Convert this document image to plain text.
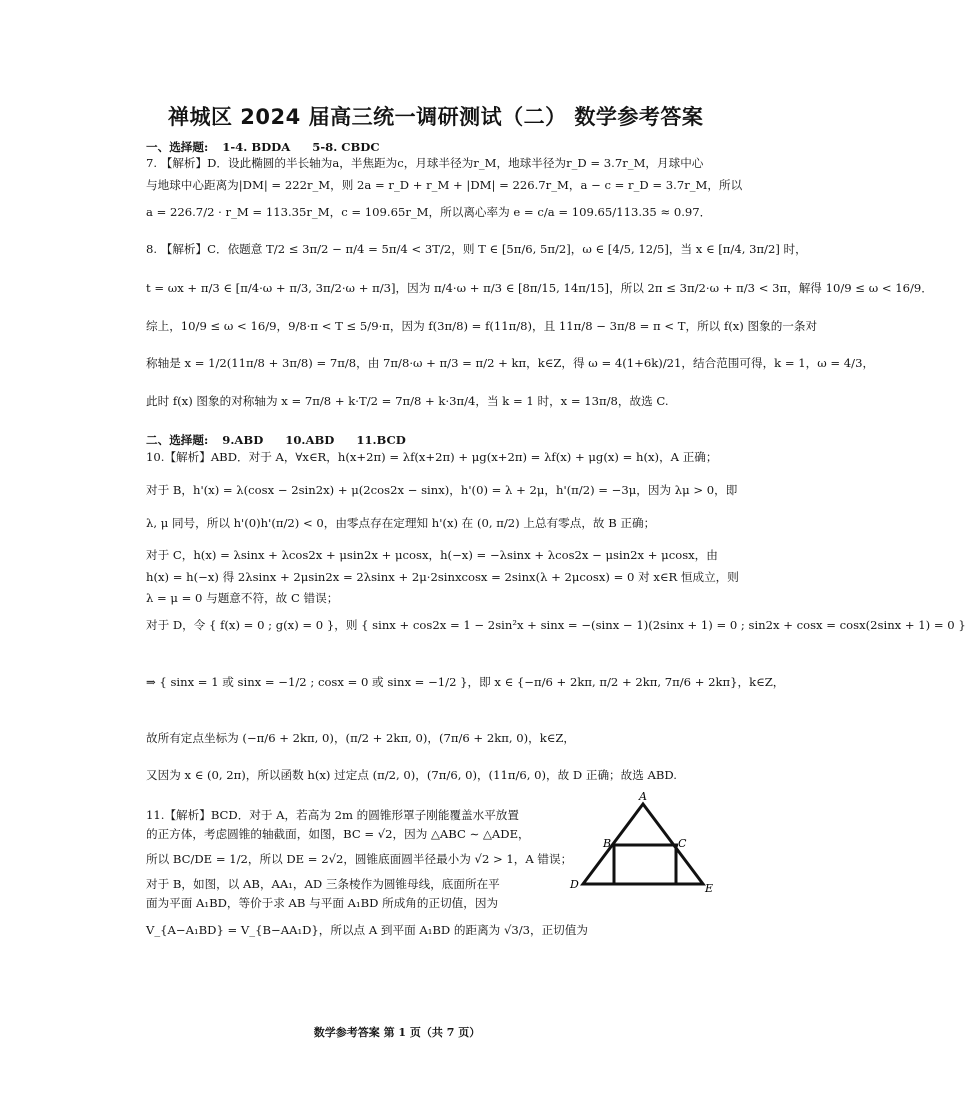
禅城区 2024 届高三统一调研测试（二） 数学参考答案
一、选择题: 1-4. BDDA 5-8. CBDC
7. 【解析】D．设此椭圆的半长轴为a，半焦距为c，月球半径为r_M，地球半径为r_D = 3.7r_M，月球中心
与地球中心距离为|DM| = 222r_M，则 2a = r_D + r_M + |DM| = 226.7r_M，a − c = r_D = 3.7r_M，所以
a = 226.7/2 · r_M = 113.35r_M，c = 109.65r_M，所以离心率为 e = c/a = 109.65/113.35 ≈ 0.97．
8. 【解析】C．依题意 T/2 ≤ 3π/2 − π/4 = 5π/4 < 3T/2，则 T ∈ [5π/6, 5π/2]，ω ∈ [4/5, 12/5]，当 x ∈ [π/4, 3π/2] 时，
t = ωx + π/3 ∈ [π/4·ω + π/3, 3π/2·ω + π/3]，因为 π/4·ω + π/3 ∈ [8π/15, 14π/15]，所以 2π ≤ 3π/2·ω + π/3 < 3π，解得 10/9 ≤ ω < 16/9．
综上，10/9 ≤ ω < 16/9，9/8·π < T ≤ 5/9·π，因为 f(3π/8) = f(11π/8)，且 11π/8 − 3π/8 = π < T，所以 f(x) 图象的一条对
称轴是 x = 1/2(11π/8 + 3π/8) = 7π/8，由 7π/8·ω + π/3 = π/2 + kπ，k∈Z，得 ω = 4(1+6k)/21，结合范围可得，k = 1，ω = 4/3，
此时 f(x) 图象的对称轴为 x = 7π/8 + k·T/2 = 7π/8 + k·3π/4，当 k = 1 时，x = 13π/8，故选 C.
二、选择题: 9.ABD 10.ABD 11.BCD
10.【解析】ABD．对于 A，∀x∈R，h(x+2π) = λf(x+2π) + μg(x+2π) = λf(x) + μg(x) = h(x)，A 正确；
对于 B，h'(x) = λ(cosx − 2sin2x) + μ(2cos2x − sinx)，h'(0) = λ + 2μ，h'(π/2) = −3μ，因为 λμ > 0，即
λ, μ 同号，所以 h'(0)h'(π/2) < 0，由零点存在定理知 h'(x) 在 (0, π/2) 上总有零点，故 B 正确；
对于 C，h(x) = λsinx + λcos2x + μsin2x + μcosx，h(−x) = −λsinx + λcos2x − μsin2x + μcosx，由
h(x) = h(−x) 得 2λsinx + 2μsin2x = 2λsinx + 2μ·2sinxcosx = 2sinx(λ + 2μcosx) = 0 对 x∈R 恒成立，则
λ = μ = 0 与题意不符，故 C 错误；
对于 D，令 { f(x) = 0 ; g(x) = 0 }，则 { sinx + cos2x = 1 − 2sin²x + sinx = −(sinx − 1)(2sinx + 1) = 0 ; sin2x + cosx = cosx(2sinx + 1) = 0 }
⇒ { sinx = 1 或 sinx = −1/2 ; cosx = 0 或 sinx = −1/2 }，即 x ∈ {−π/6 + 2kπ, π/2 + 2kπ, 7π/6 + 2kπ}，k∈Z，
故所有定点坐标为 (−π/6 + 2kπ, 0)，(π/2 + 2kπ, 0)，(7π/6 + 2kπ, 0)，k∈Z，
又因为 x ∈ (0, 2π)，所以函数 h(x) 过定点 (π/2, 0)，(7π/6, 0)，(11π/6, 0)，故 D 正确；故选 ABD.
11.【解析】BCD．对于 A，若高为 2m 的圆锥形罩子刚能覆盖水平放置
的正方体，考虑圆锥的轴截面，如图，BC = √2，因为 △ABC ∼ △ADE，
所以 BC/DE = 1/2，所以 DE = 2√2，圆锥底面圆半径最小为 √2 > 1，A 错误；
对于 B，如图，以 AB，AA₁，AD 三条棱作为圆锥母线，底面所在平
面为平面 A₁BD，等价于求 AB 与平面 A₁BD 所成角的正切值，因为
V_{A−A₁BD} = V_{B−AA₁D}，所以点 A 到平面 A₁BD 的距离为 √3/3，正切值为
A
B	C
D	E
数学参考答案 第 1 页（共 7 页）
